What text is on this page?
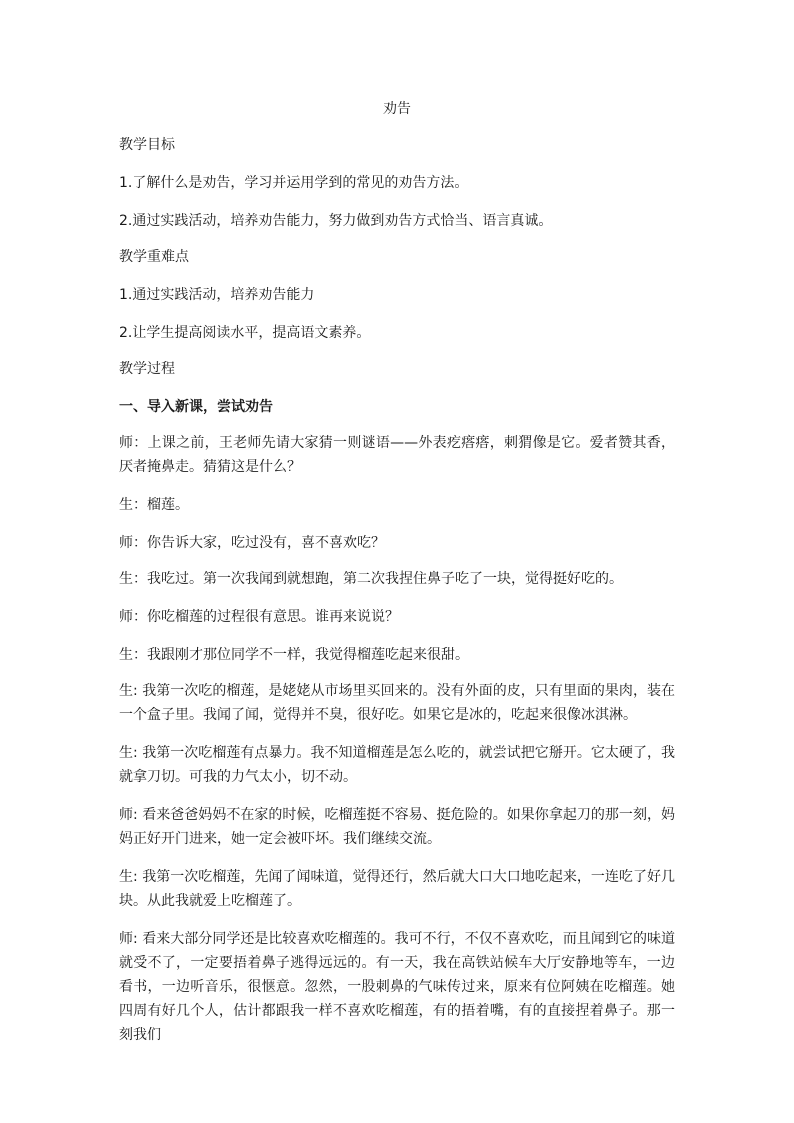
劝告

教学目标

1.了解什么是劝告，学习并运用学到的常见的劝告方法。

2.通过实践活动，培养劝告能力，努力做到劝告方式恰当、语言真诚。

教学重难点

1.通过实践活动，培养劝告能力

2.让学生提高阅读水平，提高语文素养。

教学过程

一、导入新课，尝试劝告

师：上课之前，王老师先请大家猜一则谜语——外表疙瘩瘩，刺猬像是它。爱者赞其香，厌者掩鼻走。猜猜这是什么？

生：榴莲。

师：你告诉大家，吃过没有，喜不喜欢吃？

生：我吃过。第一次我闻到就想跑，第二次我捏住鼻子吃了一块，觉得挺好吃的。

师：你吃榴莲的过程很有意思。谁再来说说？

生：我跟刚才那位同学不一样，我觉得榴莲吃起来很甜。

生: 我第一次吃的榴莲，是姥姥从市场里买回来的。没有外面的皮，只有里面的果肉，装在一个盒子里。我闻了闻，觉得并不臭，很好吃。如果它是冰的，吃起来很像冰淇淋。

生: 我第一次吃榴莲有点暴力。我不知道榴莲是怎么吃的，就尝试把它掰开。它太硬了，我就拿刀切。可我的力气太小，切不动。

师: 看来爸爸妈妈不在家的时候，吃榴莲挺不容易、挺危险的。如果你拿起刀的那一刻，妈妈正好开门进来，她一定会被吓坏。我们继续交流。

生: 我第一次吃榴莲，先闻了闻味道，觉得还行，然后就大口大口地吃起来，一连吃了好几块。从此我就爱上吃榴莲了。

师: 看来大部分同学还是比较喜欢吃榴莲的。我可不行，不仅不喜欢吃，而且闻到它的味道就受不了，一定要捂着鼻子逃得远远的。有一天，我在高铁站候车大厅安静地等车，一边看书，一边听音乐，很惬意。忽然，一股刺鼻的气味传过来，原来有位阿姨在吃榴莲。她四周有好几个人，估计都跟我一样不喜欢吃榴莲，有的捂着嘴，有的直接捏着鼻子。那一刻我们
